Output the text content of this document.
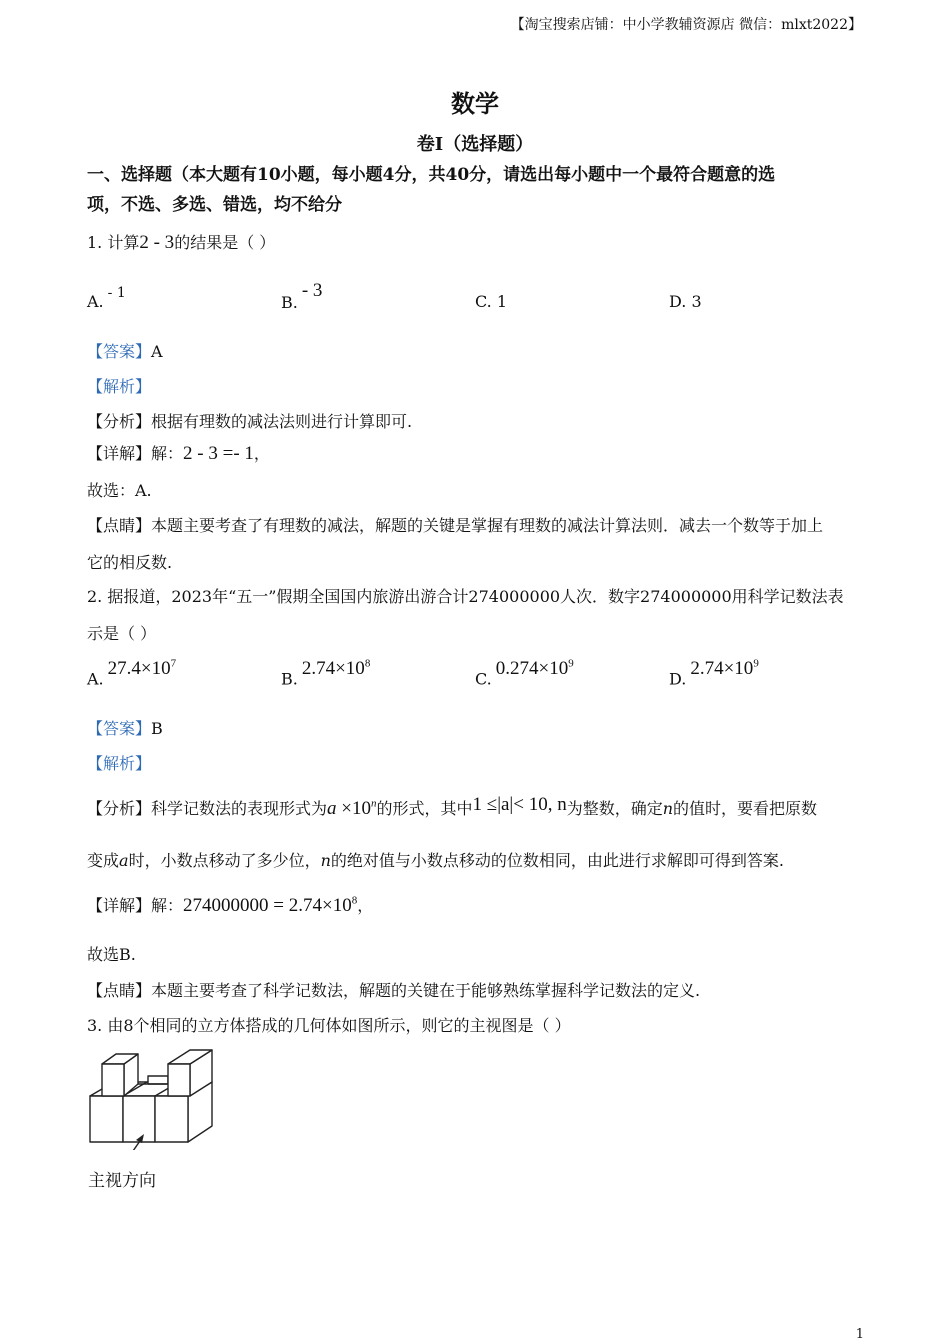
【淘宝搜索店铺：中小学教辅资源店 微信：mlxt2022】
数学
卷Ⅰ（选择题）
一、选择题（本大题有10小题，每小题4分，共40分，请选出每小题中一个最符合题意的选
项，不选、多选、错选，均不给分
1. 计算2 - 3的结果是（ ）
A. - 1	B.- 3
C. 1	D. 3
【答案】A
【解析】
【分析】根据有理数的减法法则进行计算即可.
【详解】解：2 - 3 =- 1，
故选：A.
【点睛】本题主要考查了有理数的减法，解题的关键是掌握有理数的减法计算法则．减去一个数等于加上
它的相反数.
2. 据报道，2023年“五一”假期全国国内旅游出游合计274000000人次．数字274000000用科学记数法表
示是（ ）
A. $27.4\times 10^7$
B. $2.74\times 10^8$
C. $0.274\times 10^9$
D. $2.74\times 10^9$
【答案】B
【解析】
【分析】科学记数法的表现形式为$a \times 10^n$的形式，其中1 ≤|a|< 10, n为整数，确定n的值时，要看把原数
变成a时，小数点移动了多少位，n的绝对值与小数点移动的位数相同，由此进行求解即可得到答案.
【详解】解：$274000000 = 2.74\times 10^8$，
故选B.
【点睛】本题主要考查了科学记数法，解题的关键在于能够熟练掌握科学记数法的定义.
3. 由8个相同的立方体搭成的几何体如图所示，则它的主视图是（ ）
主视方向
1
